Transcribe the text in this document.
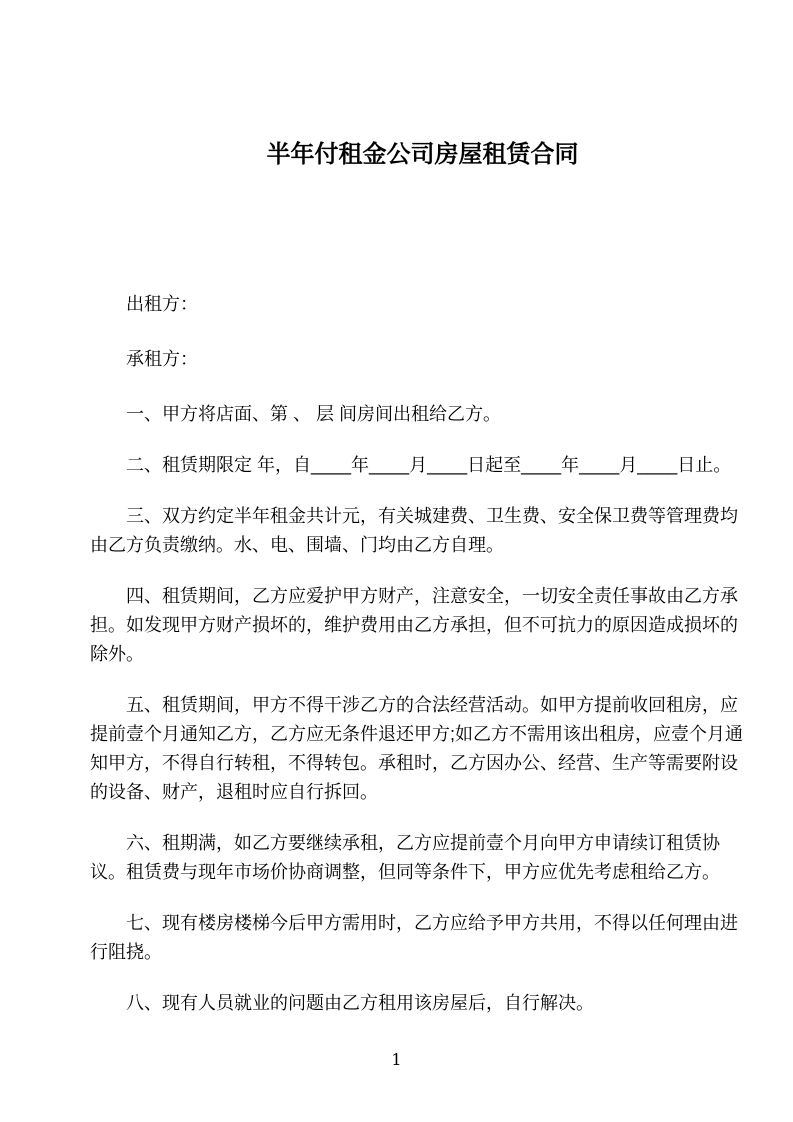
半年付租金公司房屋租赁合同

出租方：

承租方：

一、甲方将店面、第 、 层 间房间出租给乙方。

二、租赁期限定 年，自____年____月____日起至____年____月____日止。

三、双方约定半年租金共计元，有关城建费、卫生费、安全保卫费等管理费均由乙方负责缴纳。水、电、围墙、门均由乙方自理。

四、租赁期间，乙方应爱护甲方财产，注意安全，一切安全责任事故由乙方承担。如发现甲方财产损坏的，维护费用由乙方承担，但不可抗力的原因造成损坏的除外。

五、租赁期间，甲方不得干涉乙方的合法经营活动。如甲方提前收回租房，应提前壹个月通知乙方，乙方应无条件退还甲方;如乙方不需用该出租房，应壹个月通知甲方，不得自行转租，不得转包。承租时，乙方因办公、经营、生产等需要附设的设备、财产，退租时应自行拆回。

六、租期满，如乙方要继续承租，乙方应提前壹个月向甲方申请续订租赁协议。租赁费与现年市场价协商调整，但同等条件下，甲方应优先考虑租给乙方。

七、现有楼房楼梯今后甲方需用时，乙方应给予甲方共用，不得以任何理由进行阻挠。

八、现有人员就业的问题由乙方租用该房屋后，自行解决。

1
